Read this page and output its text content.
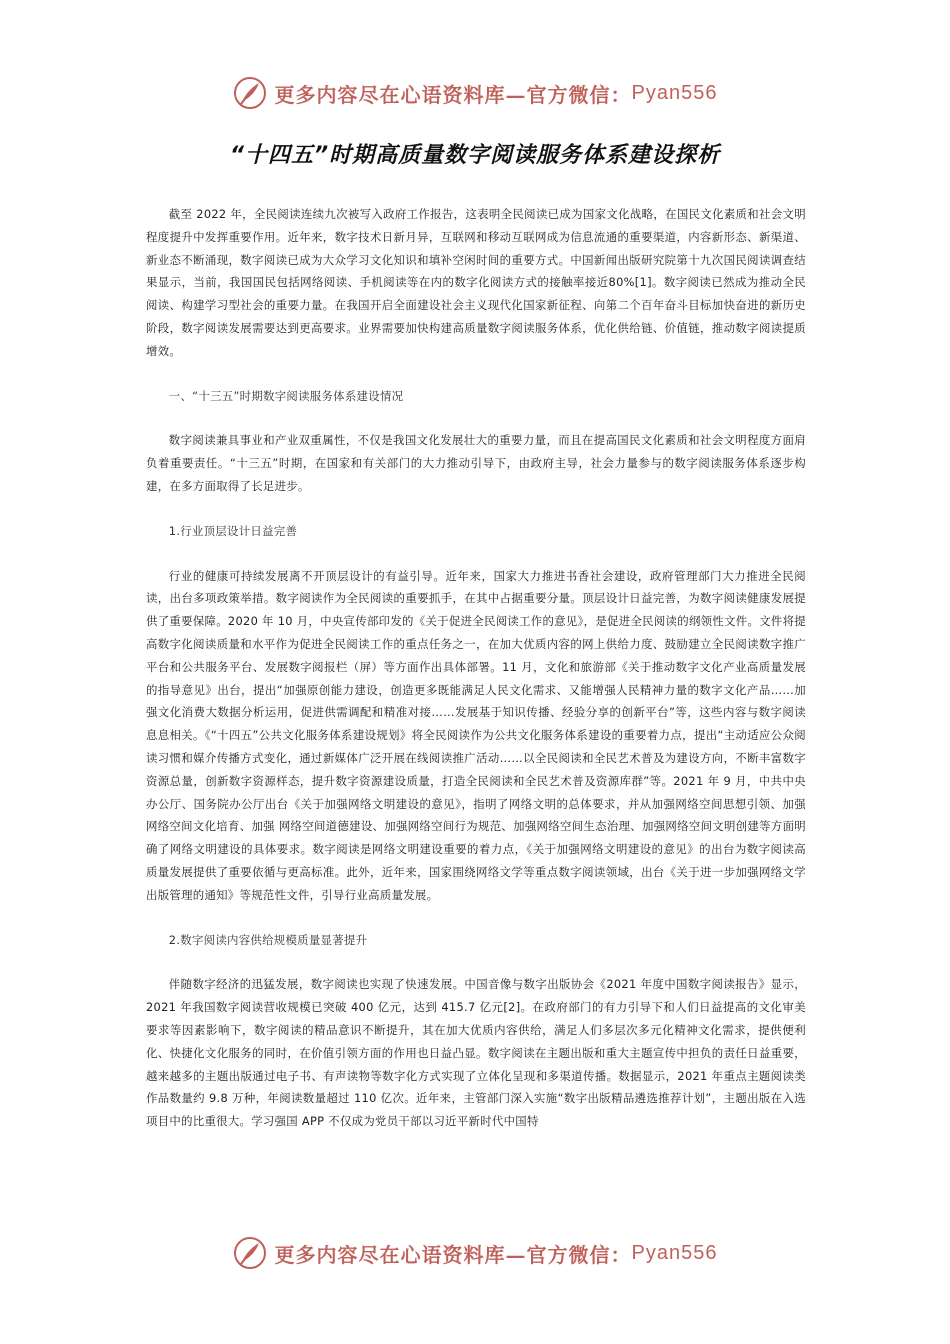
更多内容尽在心语资料库—官方微信： Pyan556
“十四五”时期高质量数字阅读服务体系建设探析

截至 2022 年，全民阅读连续九次被写入政府工作报告，这表明全民阅读已成为国家文化战略，在国民文化素质和社会文明程度提升中发挥重要作用。近年来，数字技术日新月异，互联网和移动互联网成为信息流通的重要渠道，内容新形态、新渠道、新业态不断涌现，数字阅读已成为大众学习文化知识和填补空闲时间的重要方式。中国新闻出版研究院第十九次国民阅读调查结果显示，当前，我国国民包括网络阅读、手机阅读等在内的数字化阅读方式的接触率接近80%[1]。数字阅读已然成为推动全民阅读、构建学习型社会的重要力量。在我国开启全面建设社会主义现代化国家新征程、向第二个百年奋斗目标加快奋进的新历史阶段，数字阅读发展需要达到更高要求。业界需要加快构建高质量数字阅读服务体系，优化供给链、价值链，推动数字阅读提质增效。

一、“十三五”时期数字阅读服务体系建设情况

数字阅读兼具事业和产业双重属性，不仅是我国文化发展壮大的重要力量，而且在提高国民文化素质和社会文明程度方面肩负着重要责任。“十三五”时期，在国家和有关部门的大力推动引导下，由政府主导，社会力量参与的数字阅读服务体系逐步构建，在多方面取得了长足进步。

1.行业顶层设计日益完善

行业的健康可持续发展离不开顶层设计的有益引导。近年来，国家大力推进书香社会建设，政府管理部门大力推进全民阅读，出台多项政策举措。数字阅读作为全民阅读的重要抓手，在其中占据重要分量。顶层设计日益完善，为数字阅读健康发展提供了重要保障。2020 年 10 月，中央宣传部印发的《关于促进全民阅读工作的意见》，是促进全民阅读的纲领性文件。文件将提高数字化阅读质量和水平作为促进全民阅读工作的重点任务之一，在加大优质内容的网上供给力度、鼓励建立全民阅读数字推广平台和公共服务平台、发展数字阅报栏（屏）等方面作出具体部署。11 月，文化和旅游部《关于推动数字文化产业高质量发展的指导意见》出台，提出“加强原创能力建设，创造更多既能满足人民文化需求、又能增强人民精神力量的数字文化产品……加强文化消费大数据分析运用，促进供需调配和精准对接……发展基于知识传播、经验分享的创新平台”等，这些内容与数字阅读息息相关。《“十四五”公共文化服务体系建设规划》将全民阅读作为公共文化服务体系建设的重要着力点，提出“主动适应公众阅读习惯和媒介传播方式变化，通过新媒体广泛开展在线阅读推广活动……以全民阅读和全民艺术普及为建设方向，不断丰富数字资源总量，创新数字资源样态，提升数字资源建设质量，打造全民阅读和全民艺术普及资源库群”等。2021 年 9 月，中共中央办公厅、国务院办公厅出台《关于加强网络文明建设的意见》，指明了网络文明的总体要求，并从加强网络空间思想引领、加强网络空间文化培育、加强 网络空间道德建设、加强网络空间行为规范、加强网络空间生态治理、加强网络空间文明创建等方面明确了网络文明建设的具体要求。数字阅读是网络文明建设重要的着力点，《关于加强网络文明建设的意见》的出台为数字阅读高质量发展提供了重要依循与更高标准。此外，近年来，国家围绕网络文学等重点数字阅读领域，出台《关于进一步加强网络文学出版管理的通知》等规范性文件，引导行业高质量发展。

2.数字阅读内容供给规模质量显著提升

伴随数字经济的迅猛发展，数字阅读也实现了快速发展。中国音像与数字出版协会《2021 年度中国数字阅读报告》显示，2021 年我国数字阅读营收规模已突破 400 亿元，达到 415.7 亿元[2]。在政府部门的有力引导下和人们日益提高的文化审美要求等因素影响下，数字阅读的精品意识不断提升，其在加大优质内容供给，满足人们多层次多元化精神文化需求，提供便利化、快捷化文化服务的同时，在价值引领方面的作用也日益凸显。数字阅读在主题出版和重大主题宣传中担负的责任日益重要，越来越多的主题出版通过电子书、有声读物等数字化方式实现了立体化呈现和多渠道传播。数据显示，2021 年重点主题阅读类作品数量约 9.8 万种，年阅读数量超过 110 亿次。近年来，主管部门深入实施“数字出版精品遴选推荐计划”，主题出版在入选项目中的比重很大。学习强国 APP 不仅成为党员干部以习近平新时代中国特

更多内容尽在心语资料库—官方微信： Pyan556
